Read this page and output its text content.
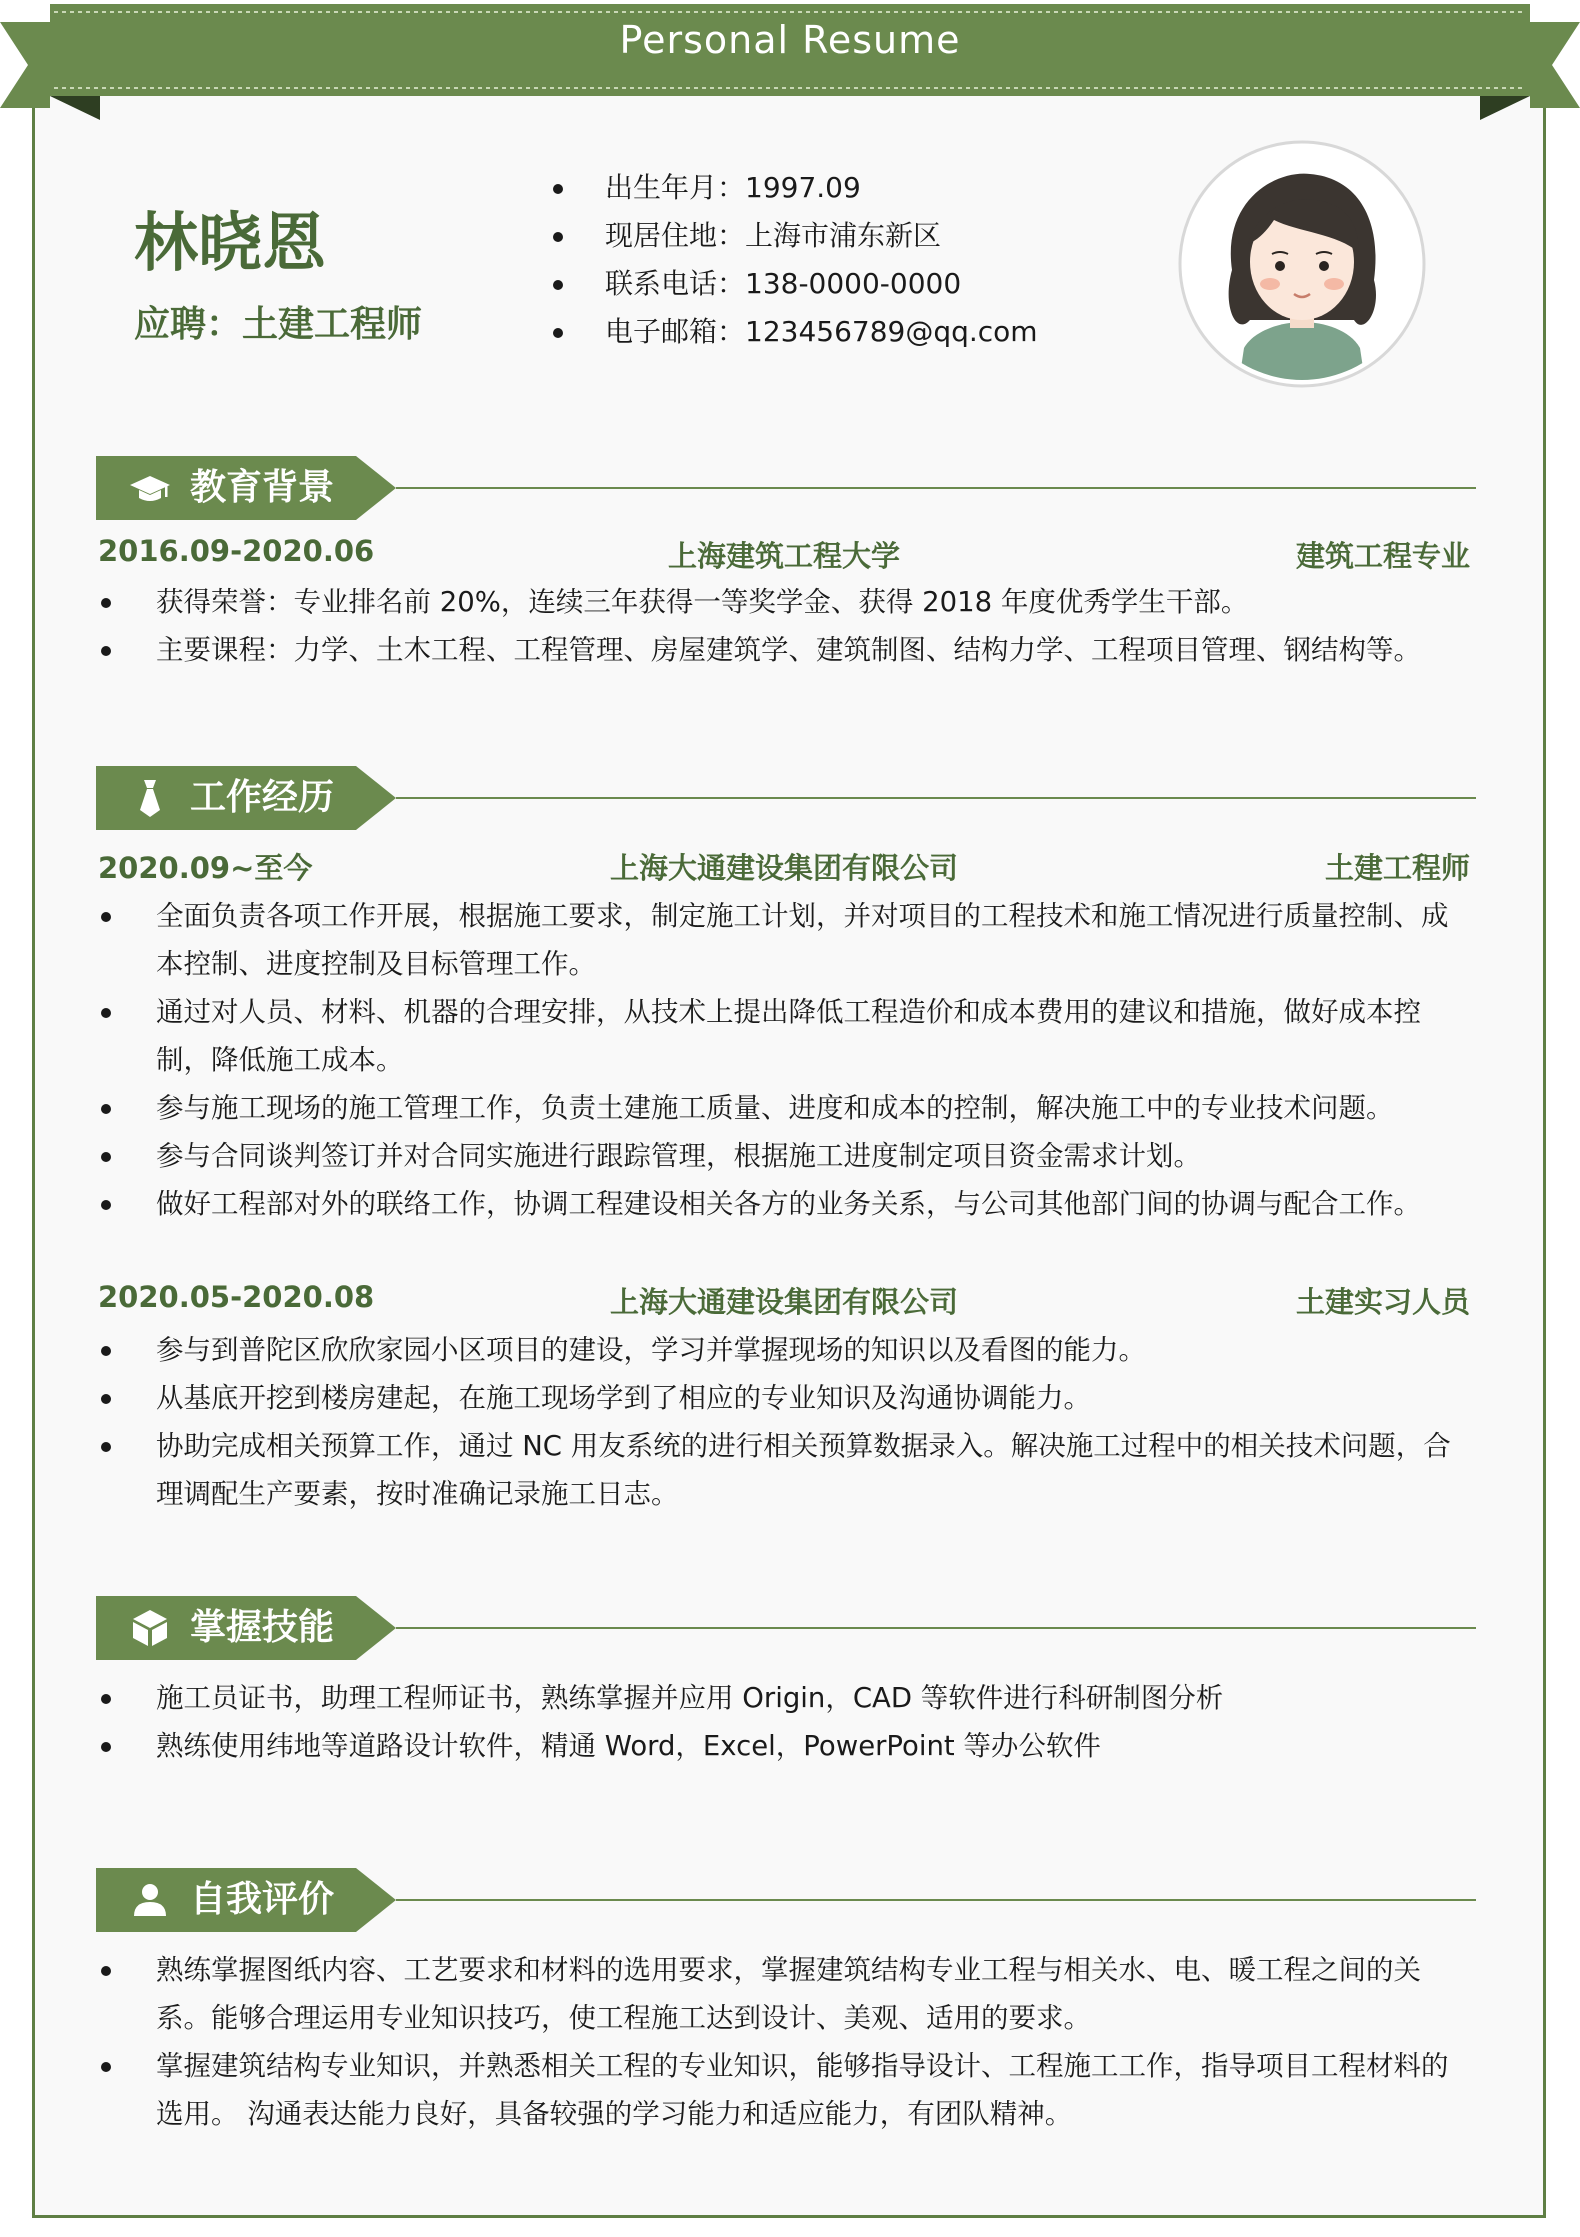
Personal Resume
林晓恩
应聘：土建工程师
出生年月：1997.09
现居住地：上海市浦东新区
联系电话：138-0000-0000
电子邮箱：123456789@qq.com
教育背景
2016.09-2020.06	上海建筑工程大学	建筑工程专业
获得荣誉：专业排名前 20%，连续三年获得一等奖学金、获得 2018 年度优秀学生干部。
主要课程：力学、土木工程、工程管理、房屋建筑学、建筑制图、结构力学、工程项目管理、钢结构等。
工作经历
2020.09~至今	上海大通建设集团有限公司	土建工程师
全面负责各项工作开展，根据施工要求，制定施工计划，并对项目的工程技术和施工情况进行质量控制、成本控制、进度控制及目标管理工作。
通过对人员、材料、机器的合理安排，从技术上提出降低工程造价和成本费用的建议和措施，做好成本控制，降低施工成本。
参与施工现场的施工管理工作，负责土建施工质量、进度和成本的控制，解决施工中的专业技术问题。
参与合同谈判签订并对合同实施进行跟踪管理，根据施工进度制定项目资金需求计划。
做好工程部对外的联络工作，协调工程建设相关各方的业务关系，与公司其他部门间的协调与配合工作。
2020.05-2020.08	上海大通建设集团有限公司	土建实习人员
参与到普陀区欣欣家园小区项目的建设，学习并掌握现场的知识以及看图的能力。
从基底开挖到楼房建起，在施工现场学到了相应的专业知识及沟通协调能力。
协助完成相关预算工作，通过 NC 用友系统的进行相关预算数据录入。解决施工过程中的相关技术问题，合理调配生产要素，按时准确记录施工日志。
掌握技能
施工员证书，助理工程师证书，熟练掌握并应用 Origin，CAD 等软件进行科研制图分析
熟练使用纬地等道路设计软件，精通 Word，Excel，PowerPoint 等办公软件
自我评价
熟练掌握图纸内容、工艺要求和材料的选用要求，掌握建筑结构专业工程与相关水、电、暖工程之间的关系。能够合理运用专业知识技巧，使工程施工达到设计、美观、适用的要求。
掌握建筑结构专业知识，并熟悉相关工程的专业知识，能够指导设计、工程施工工作，指导项目工程材料的选用。 沟通表达能力良好，具备较强的学习能力和适应能力，有团队精神。
